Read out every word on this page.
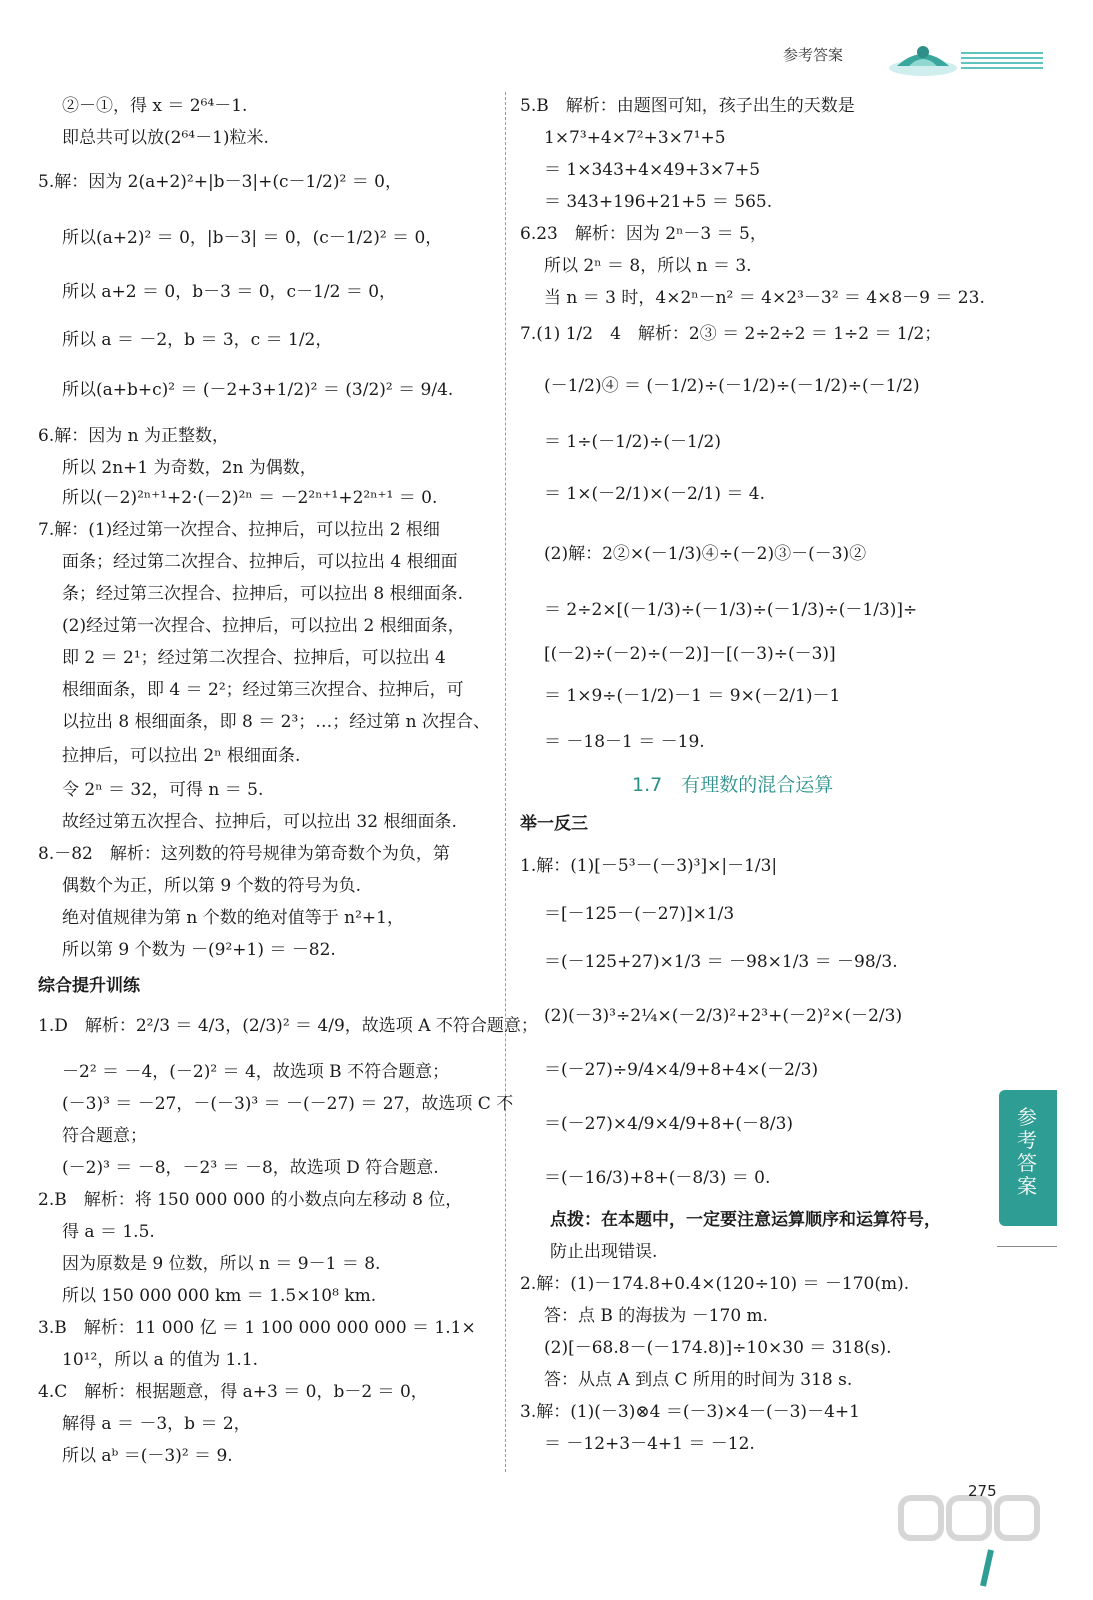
参考答案
②－①，得 x ＝ 2⁶⁴－1.
即总共可以放(2⁶⁴－1)粒米.
5.解：因为 2(a+2)²+|b－3|+(c－1/2)² ＝ 0，
所以(a+2)² ＝ 0，|b－3| ＝ 0，(c－1/2)² ＝ 0，
所以 a+2 ＝ 0，b－3 ＝ 0，c－1/2 ＝ 0，
所以 a ＝ －2，b ＝ 3，c ＝ 1/2，
所以(a+b+c)² ＝ (－2+3+1/2)² ＝ (3/2)² ＝ 9/4.
6.解：因为 n 为正整数，
所以 2n+1 为奇数，2n 为偶数，
所以(－2)²ⁿ⁺¹+2·(－2)²ⁿ ＝ －2²ⁿ⁺¹+2²ⁿ⁺¹ ＝ 0.
7.解：(1)经过第一次捏合、拉抻后，可以拉出 2 根细
面条；经过第二次捏合、拉抻后，可以拉出 4 根细面
条；经过第三次捏合、拉抻后，可以拉出 8 根细面条.
(2)经过第一次捏合、拉抻后，可以拉出 2 根细面条，
即 2 ＝ 2¹；经过第二次捏合、拉抻后，可以拉出 4
根细面条，即 4 ＝ 2²；经过第三次捏合、拉抻后，可
以拉出 8 根细面条，即 8 ＝ 2³；…；经过第 n 次捏合、
拉抻后，可以拉出 2ⁿ 根细面条.
令 2ⁿ ＝ 32，可得 n ＝ 5.
故经过第五次捏合、拉抻后，可以拉出 32 根细面条.
8.－82　解析：这列数的符号规律为第奇数个为负，第
偶数个为正，所以第 9 个数的符号为负.
绝对值规律为第 n 个数的绝对值等于 n²+1，
所以第 9 个数为 －(9²+1) ＝ －82.
综合提升训练
1.D　解析：2²/3 ＝ 4/3，(2/3)² ＝ 4/9，故选项 A 不符合题意；
－2² ＝ －4，(－2)² ＝ 4，故选项 B 不符合题意；
(－3)³ ＝ －27，－(－3)³ ＝ －(－27) ＝ 27，故选项 C 不
符合题意；
(－2)³ ＝ －8，－2³ ＝ －8，故选项 D 符合题意.
2.B　解析：将 150 000 000 的小数点向左移动 8 位，
得 a ＝ 1.5.
因为原数是 9 位数，所以 n ＝ 9－1 ＝ 8.
所以 150 000 000 km ＝ 1.5×10⁸ km.
3.B　解析：11 000 亿 ＝ 1 100 000 000 000 ＝ 1.1×
10¹²，所以 a 的值为 1.1.
4.C　解析：根据题意，得 a+3 ＝ 0，b－2 ＝ 0，
解得 a ＝ －3，b ＝ 2，
所以 aᵇ ＝(－3)² ＝ 9.
5.B　解析：由题图可知，孩子出生的天数是
1×7³+4×7²+3×7¹+5
＝ 1×343+4×49+3×7+5
＝ 343+196+21+5 ＝ 565.
6.23　解析：因为 2ⁿ－3 ＝ 5，
所以 2ⁿ ＝ 8，所以 n ＝ 3.
当 n ＝ 3 时，4×2ⁿ－n² ＝ 4×2³－3² ＝ 4×8－9 ＝ 23.
7.(1) 1/2　4　解析：2③ ＝ 2÷2÷2 ＝ 1÷2 ＝ 1/2；
(－1/2)④ ＝ (－1/2)÷(－1/2)÷(－1/2)÷(－1/2)
＝ 1÷(－1/2)÷(－1/2)
＝ 1×(－2/1)×(－2/1) ＝ 4.
(2)解：2②×(－1/3)④÷(－2)③－(－3)②
＝ 2÷2×[(－1/3)÷(－1/3)÷(－1/3)÷(－1/3)]÷
[(－2)÷(－2)÷(－2)]－[(－3)÷(－3)]
＝ 1×9÷(－1/2)－1 ＝ 9×(－2/1)－1
＝ －18－1 ＝ －19.
1.7　有理数的混合运算
举一反三
1.解：(1)[－5³－(－3)³]×|－1/3|
＝[－125－(－27)]×1/3
＝(－125+27)×1/3 ＝ －98×1/3 ＝ －98/3.
(2)(－3)³÷2¼×(－2/3)²+2³+(－2)²×(－2/3)
＝(－27)÷9/4×4/9+8+4×(－2/3)
＝(－27)×4/9×4/9+8+(－8/3)
＝(－16/3)+8+(－8/3) ＝ 0.
点拨：在本题中，一定要注意运算顺序和运算符号，
防止出现错误.
2.解：(1)－174.8+0.4×(120÷10) ＝ －170(m).
答：点 B 的海拔为 －170 m.
(2)[－68.8－(－174.8)]÷10×30 ＝ 318(s).
答：从点 A 到点 C 所用的时间为 318 s.
3.解：(1)(－3)⊗4 ＝(－3)×4－(－3)－4+1
＝ －12+3－4+1 ＝ －12.
参考答案
275
